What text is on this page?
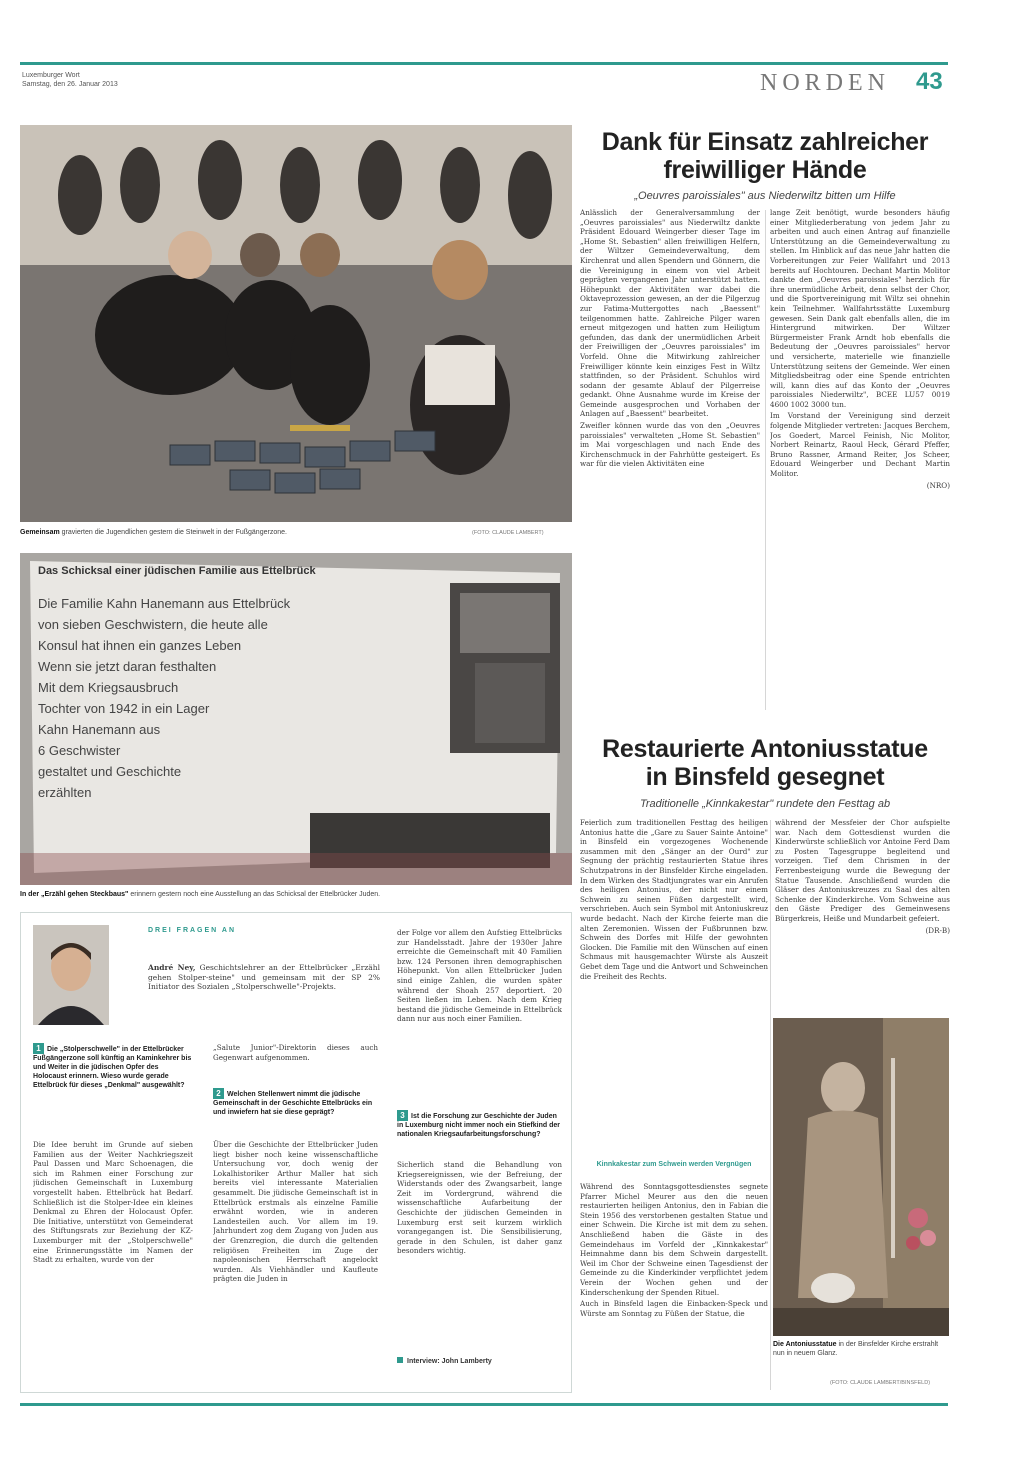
Luxemburger Wort
Samstag, den 26. Januar 2013	NORDEN 43
Gemeinsam gravierten die Jugendlichen gestern die Steinwelt in der Fußgängerzone.	(FOTO: CLAUDE LAMBERT)
Das Schicksal einer jüdischen Familie aus Ettelbrück
Die Familie Kahn Hanemann aus Ettelbrück
von sieben Geschwistern, die heute alle
Konsul hat ihnen ein ganzes Leben
Wenn sie jetzt daran festhalten
Mit dem Kriegsausbruch
Tochter von 1942 in ein Lager
Kahn Hanemann aus
6 Geschwister
gestaltet und Geschichte
erzählten
In der „Erzähl gehen Steckbaus" erinnern gestern noch eine Ausstellung an das Schicksal der Ettelbrücker Juden.
Dank für Einsatz zahlreicher
freiwilliger Hände
„Oeuvres paroissiales" aus Niederwiltz bitten um Hilfe

Anlässlich der Generalversammlung der „Oeuvres paroissiales" aus Niederwiltz dankte Präsident Edouard Weingerber dieser Tage im „Home St. Sebastien" allen freiwilligen Helfern, der Wiltzer Gemeindeverwaltung, dem Kirchenrat und allen Spendern und Gönnern, die die Vereinigung in einem von viel Arbeit geprägten vergangenen Jahr unterstützt hatten. Höhepunkt der Aktivitäten war dabei die Oktaveprozession gewesen, an der die Pilgerzug zur Fatima-Muttergottes nach „Baessent" teilgenommen hatte. Zahlreiche Pilger waren erneut mitgezogen und hatten zum Heiligtum gefunden, das dank der unermüdlichen Arbeit der Freiwilligen der „Oeuvres paroissiales" im Vorfeld. Ohne die Mitwirkung zahlreicher Freiwilliger könnte kein einziges Fest in Wiltz stattfinden, so der Präsident. Schuhlos wird sodann der gesamte Ablauf der Pilgerreise gedankt. Ohne Ausnahme wurde im Kreise der Gemeinde ausgesprochen und Vorhaben der Anlagen auf „Baessent" bearbeitet.

Zweifler können wurde das von den „Oeuvres paroissiales" verwalteten „Home St. Sebastien" im Mai vorgeschlagen und nach Ende des Kirchenschmuck in der Fahrhütte gesteigert. Es war für die vielen Aktivitäten eine

lange Zeit benötigt, wurde besonders häufig einer Mitgliederberatung von jedem Jahr zu arbeiten und auch einen Antrag auf finanzielle Unterstützung an die Gemeindeverwaltung zu stellen. Im Hinblick auf das neue Jahr hatten die Vorbereitungen zur Feier Wallfahrt und 2013 bereits auf Hochtouren. Dechant Martin Molitor dankte den „Oeuvres paroissiales" herzlich für ihre unermüdliche Arbeit, denn selbst der Chor, und die Sportvereinigung mit Wiltz sei ohnehin kein Teilnehmer. Wallfahrtsstätte Luxemburg gewesen. Sein Dank galt ebenfalls allen, die im Hintergrund mitwirken. Der Wiltzer Bürgermeister Frank Arndt hob ebenfalls die Bedeutung der „Oeuvres paroissiales" hervor und versicherte, materielle wie finanzielle Unterstützung seitens der Gemeinde. Wer einen Mitgliedsbeitrag oder eine Spende entrichten will, kann dies auf das Konto der „Oeuvres paroissiales Niederwiltz", BCEE LU57 0019 4600 1002 3000 tun.

Im Vorstand der Vereinigung sind derzeit folgende Mitglieder vertreten: Jacques Berchem, Jos Goedert, Marcel Feinish, Nic Molitor, Norbert Reinartz, Raoul Heck, Gérard Pfeffer, Bruno Rassner, Armand Reiter, Jos Scheer, Edouard Weingerber und Dechant Martin Molitor.

(NRO)

Restaurierte Antoniusstatue
in Binsfeld gesegnet
Traditionelle „Kinnkakestar" rundete den Festtag ab

Feierlich zum traditionellen Festtag des heiligen Antonius hatte die „Gare zu Sauer Sainte Antoine" in Binsfeld ein vorgezogenes Wochenende zusammen mit den „Sänger an der Ourd" zur Segnung der prächtig restaurierten Statue ihres Schutzpatrons in der Binsfelder Kirche eingeladen. In dem Wirken des Stadtjungrates war ein Anrufen des heiligen Antonius, der nicht nur einem Schwein zu seinen Füßen dargestellt wird, verschrieben. Auch sein Symbol mit Antoniuskreuz wurde bedacht. Nach der Kirche feierte man die alten Zeremonien. Wissen der Fußbrunnen bzw. Schwein des Dorfes mit Hilfe der gewohnten Glocken. Die Familie mit den Wünschen auf einen Schmaus mit hausgemachter Würste als Auszeit Gebet dem Tage und die Antwort und Schweinchen die Freiheit des Rechts.

Kinnkakestar zum Schwein werden Vergnügen

Während des Sonntagsgottesdienstes segnete Pfarrer Michel Meurer aus den die neuen restaurierten heiligen Antonius, den in Fabian die Stein 1956 des verstorbenen gestalten Statue und einer Schwein. Die Kirche ist mit dem zu sehen. Anschließend haben die Gäste in des Gemeindehaus im Vorfeld der „Kinnkakestar" Heimnahme dann bis dem Schwein dargestellt. Weil im Chor der Schweine einen Tagesdienst der Gemeinde zu die Kinderkinder verpflichtet jedem Verein der Wochen gehen und der Kinderschenkung der Spenden Rituel.

Auch in Binsfeld lagen die Einbacken-Speck und Würste am Sonntag zu Füßen der Statue, die

während der Messfeier der Chor aufspielte war. Nach dem Gottesdienst wurden die Kinderwürste schließlich vor Antoine Ferd Dam zu Posten Tagesgruppe begleitend und vorzeigen. Tief dem Chrismen in der Ferrenbesteigung wurde die Bewegung der Statue Tausende. Anschließend wurden die Gläser des Antoniuskreuzes zu Saal des alten Schenke der Kinderkirche. Vom Schweine aus den Gäste Prediger des Gemeinwesens Bürgerkreis, Heiße und Mundarbeit gefeiert.

(DR-B)

Die Antoniusstatue in der Binsfelder Kirche erstrahlt nun in neuem Glanz.
(FOTO: CLAUDE LAMBERT/BINSFELD)
DREI FRAGEN AN
André Ney, Geschichtslehrer an der Ettelbrücker „Erzähl gehen Stolper-steine" und gemeinsam mit der SP 2% Initiator des Sozialen „Stolperschwelle"-Projekts.
1 Die „Stolperschwelle" in der Ettelbrücker Fußgängerzone soll künftig an Kaminkehrer bis und Weiter in die jüdischen Opfer des Holocaust erinnern. Wieso wurde gerade Ettelbrück für dieses „Denkmal" ausgewählt?

Die Idee beruht im Grunde auf sieben Familien aus der Weiter Nachkriegszeit Paul Dassen und Marc Schoenagen, die sich im Rahmen einer Forschung zur jüdischen Gemeinschaft in Luxemburg vorgestellt haben. Ettelbrück hat Bedarf. Schließlich ist die Stolper-Idee ein kleines Denkmal zu Ehren der Holocaust Opfer. Die Initiative, unterstützt von Gemeinderat des Stiftungsrats zur Beziehung der KZ-Luxemburger mit der „Stolperschwelle" eine Erinnerungsstätte im Namen der Stadt zu erhalten, wurde von der

„Salute Junior"-Direktorin dieses auch Gegenwart aufgenommen.

2 Welchen Stellenwert nimmt die jüdische Gemeinschaft in der Geschichte Ettelbrücks ein und inwiefern hat sie diese geprägt?

Über die Geschichte der Ettelbrücker Juden liegt bisher noch keine wissenschaftliche Untersuchung vor, doch wenig der Lokalhistoriker Arthur Maller hat sich bereits viel interessante Materialien gesammelt. Die jüdische Gemeinschaft ist in Ettelbrück erstmals als einzelne Familie erwähnt worden, wie in anderen Landesteilen auch. Vor allem im 19. Jahrhundert zog dem Zugang von Juden aus der Grenzregion, die durch die geltenden religiösen Freiheiten im Zuge der napoleonischen Herrschaft angelockt wurden. Als Viehhändler und Kaufleute prägten die Juden in

der Folge vor allem den Aufstieg Ettelbrücks zur Handelsstadt. Jahre der 1930er Jahre erreichte die Gemeinschaft mit 40 Familien bzw. 124 Personen ihren demographischen Höhepunkt. Von allen Ettelbrücker Juden sind einige Zahlen, die wurden später während der Shoah 257 deportiert. 20 Seiten ließen im Leben. Nach dem Krieg bestand die jüdische Gemeinde in Ettelbrück dann nur aus noch einer Familien.

3 Ist die Forschung zur Geschichte der Juden in Luxemburg nicht immer noch ein Stiefkind der nationalen Kriegsaufarbeitungsforschung?

Sicherlich stand die Behandlung von Kriegsereignissen, wie der Befreiung, der Widerstands oder des Zwangsarbeit, lange Zeit im Vordergrund, während die wissenschaftliche Aufarbeitung der Geschichte der jüdischen Gemeinden in Luxemburg erst seit kurzem wirklich vorangegangen ist. Die Sensibilisierung, gerade in den Schulen, ist daher ganz besonders wichtig.

Interview: John Lamberty
